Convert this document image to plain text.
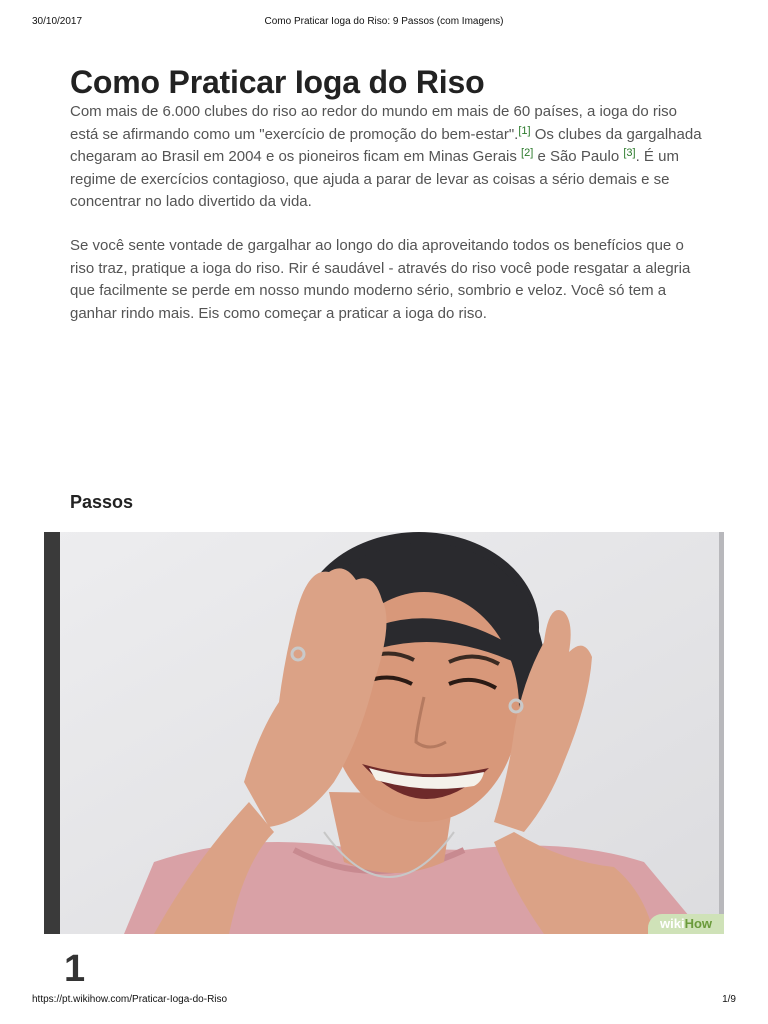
30/10/2017	Como Praticar Ioga do Riso: 9 Passos (com Imagens)
Como Praticar Ioga do Riso

Com mais de 6.000 clubes do riso ao redor do mundo em mais de 60 países, a ioga do riso está se afirmando como um "exercício de promoção do bem-estar".[1] Os clubes da gargalhada chegaram ao Brasil em 2004 e os pioneiros ficam em Minas Gerais [2] e São Paulo [3]. É um regime de exercícios contagioso, que ajuda a parar de levar as coisas a sério demais e se concentrar no lado divertido da vida.

Se você sente vontade de gargalhar ao longo do dia aproveitando todos os benefícios que o riso traz, pratique a ioga do riso. Rir é saudável - através do riso você pode resgatar a alegria que facilmente se perde em nosso mundo moderno sério, sombrio e veloz. Você só tem a ganhar rindo mais. Eis como começar a praticar a ioga do riso.

Passos
wikiHow
1
https://pt.wikihow.com/Praticar-Ioga-do-Riso	1/9
